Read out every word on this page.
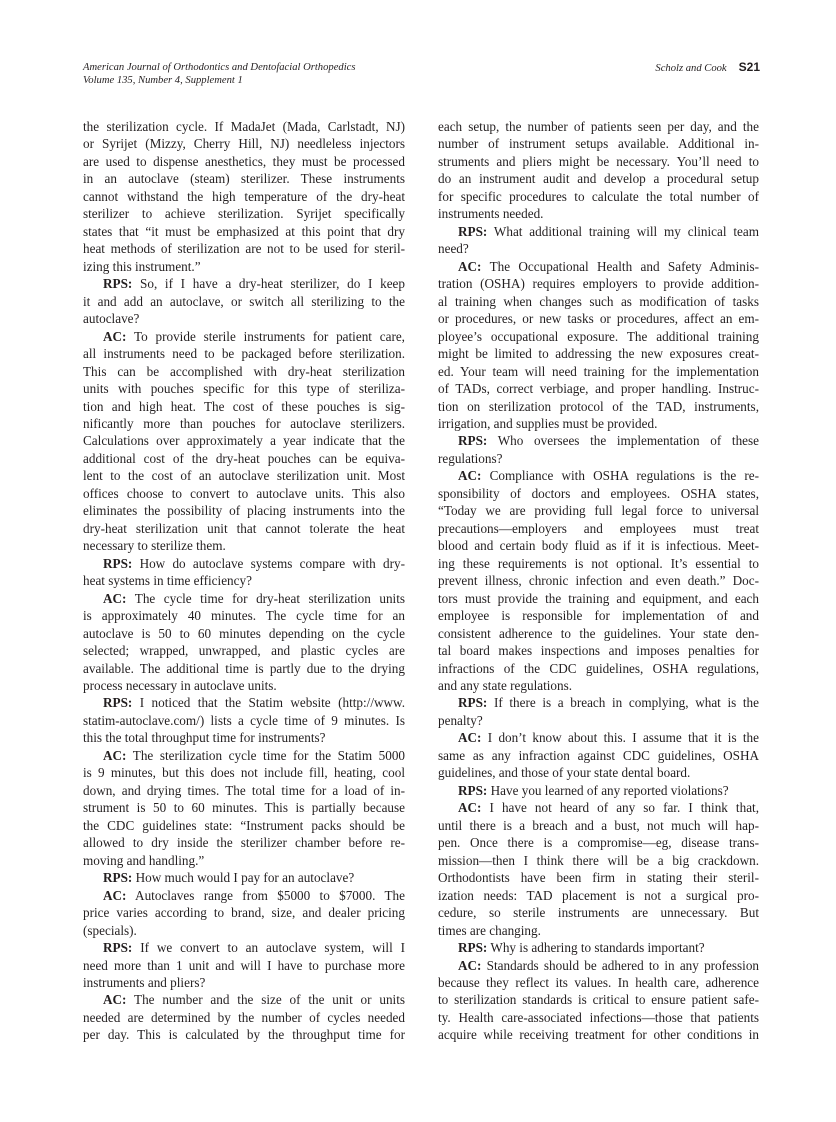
American Journal of Orthodontics and Dentofacial Orthopedics
Volume 135, Number 4, Supplement 1
Scholz and Cook S21
the sterilization cycle. If MadaJet (Mada, Carlstadt, NJ)
or Syrijet (Mizzy, Cherry Hill, NJ) needleless injectors
are used to dispense anesthetics, they must be processed
in an autoclave (steam) sterilizer. These instruments
cannot withstand the high temperature of the dry-heat
sterilizer to achieve sterilization. Syrijet specifically
states that “it must be emphasized at this point that dry
heat methods of sterilization are not to be used for steril-
izing this instrument.”
RPS: So, if I have a dry-heat sterilizer, do I keep
it and add an autoclave, or switch all sterilizing to the
autoclave?
AC: To provide sterile instruments for patient care,
all instruments need to be packaged before sterilization.
This can be accomplished with dry-heat sterilization
units with pouches specific for this type of steriliza-
tion and high heat. The cost of these pouches is sig-
nificantly more than pouches for autoclave sterilizers.
Calculations over approximately a year indicate that the
additional cost of the dry-heat pouches can be equiva-
lent to the cost of an autoclave sterilization unit. Most
offices choose to convert to autoclave units. This also
eliminates the possibility of placing instruments into the
dry-heat sterilization unit that cannot tolerate the heat
necessary to sterilize them.
RPS: How do autoclave systems compare with dry-
heat systems in time efficiency?
AC: The cycle time for dry-heat sterilization units
is approximately 40 minutes. The cycle time for an
autoclave is 50 to 60 minutes depending on the cycle
selected; wrapped, unwrapped, and plastic cycles are
available. The additional time is partly due to the drying
process necessary in autoclave units.
RPS: I noticed that the Statim website (http://www.
statim-autoclave.com/) lists a cycle time of 9 minutes. Is
this the total throughput time for instruments?
AC: The sterilization cycle time for the Statim 5000
is 9 minutes, but this does not include fill, heating, cool
down, and drying times. The total time for a load of in-
strument is 50 to 60 minutes. This is partially because
the CDC guidelines state: “Instrument packs should be
allowed to dry inside the sterilizer chamber before re-
moving and handling.”
RPS: How much would I pay for an autoclave?
AC: Autoclaves range from $5000 to $7000. The
price varies according to brand, size, and dealer pricing
(specials).
RPS: If we convert to an autoclave system, will I
need more than 1 unit and will I have to purchase more
instruments and pliers?
AC: The number and the size of the unit or units
needed are determined by the number of cycles needed
per day. This is calculated by the throughput time for
each setup, the number of patients seen per day, and the
number of instrument setups available. Additional in-
struments and pliers might be necessary. You’ll need to
do an instrument audit and develop a procedural setup
for specific procedures to calculate the total number of
instruments needed.
RPS: What additional training will my clinical team
need?
AC: The Occupational Health and Safety Adminis-
tration (OSHA) requires employers to provide addition-
al training when changes such as modification of tasks
or procedures, or new tasks or procedures, affect an em-
ployee’s occupational exposure. The additional training
might be limited to addressing the new exposures creat-
ed. Your team will need training for the implementation
of TADs, correct verbiage, and proper handling. Instruc-
tion on sterilization protocol of the TAD, instruments,
irrigation, and supplies must be provided.
RPS: Who oversees the implementation of these
regulations?
AC: Compliance with OSHA regulations is the re-
sponsibility of doctors and employees. OSHA states,
“Today we are providing full legal force to universal
precautions—employers and employees must treat
blood and certain body fluid as if it is infectious. Meet-
ing these requirements is not optional. It’s essential to
prevent illness, chronic infection and even death.” Doc-
tors must provide the training and equipment, and each
employee is responsible for implementation of and
consistent adherence to the guidelines. Your state den-
tal board makes inspections and imposes penalties for
infractions of the CDC guidelines, OSHA regulations,
and any state regulations.
RPS: If there is a breach in complying, what is the
penalty?
AC: I don’t know about this. I assume that it is the
same as any infraction against CDC guidelines, OSHA
guidelines, and those of your state dental board.
RPS: Have you learned of any reported violations?
AC: I have not heard of any so far. I think that,
until there is a breach and a bust, not much will hap-
pen. Once there is a compromise—eg, disease trans-
mission—then I think there will be a big crackdown.
Orthodontists have been firm in stating their steril-
ization needs: TAD placement is not a surgical pro-
cedure, so sterile instruments are unnecessary. But
times are changing.
RPS: Why is adhering to standards important?
AC: Standards should be adhered to in any profession
because they reflect its values. In health care, adherence
to sterilization standards is critical to ensure patient safe-
ty. Health care-associated infections—those that patients
acquire while receiving treatment for other conditions in
